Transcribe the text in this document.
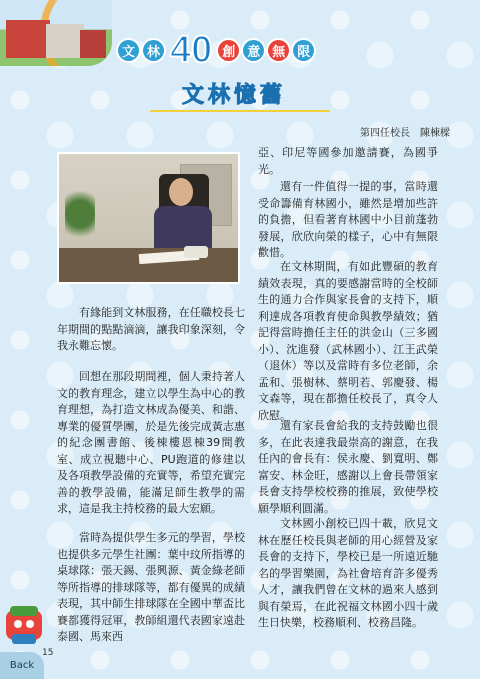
文 林 40 創 意 無 限
文林憶舊
第四任校長　陳棟樑
有緣能到文林服務，在任職校長七年期間的點點滴滴，讓我印象深刻，令我永難忘懷。
回想在那段期間裡，個人秉持著人文的教育理念，建立以學生為中心的教育理想，為打造文林成為優美、和諧、專業的優質學團，於是先後完成黃志惠的紀念團書館、後棟樓恩棟39間教室、成立視聽中心、PU跑道的修建以及各項教學設備的充實等，希望充實完善的教學設備，能滿足師生教學的需求，這是我主持校務的最大宏願。
當時為提供學生多元的學習，學校也提供多元學生社團：葉中玟所指導的桌球隊：張天錫、張興源、黃金綠老師等所指導的排球隊等，都有優異的成績表現，其中師生排球隊在全國中華盃比賽都獲得冠軍，教師組還代表國家遠赴泰國、馬來西
亞、印尼等國參加邀請賽，為國爭光。
還有一件值得一提的事，當時還受命籌備育林國小，雖然是增加些許的負擔，但看著育林國中小目前蓬勃發展，欣欣向榮的樣子，心中有無限歡惜。
在文林期間，有如此豐碩的教育績效表現，真的要感謝當時的全校師生的通力合作與家長會的支持下，順利達成各項教育使命與教學績效；猶記得當時擔任主任的洪金山（三多國小）、沈進發（武林國小）、江王武榮（退休）等以及當時有多位老師，余孟和、張樹林、蔡明若、郭慶發、楊文森等，現在都擔任校長了，真令人欣慰。
還有家長會給我的支持鼓勵也很多，在此表達我最崇高的謝意，在我任內的會長有：侯永慶、劉寬明、鄭富安、林金旺，感謝以上會長帶領家長會支持學校校務的推展，致使學校願學順利圓滿。
文林國小創校已四十載，欣見文林在歷任校長與老師的用心經營及家長會的支持下，學校已是一所遠近馳名的學習樂園，為社會培育許多優秀人才，讓我們曾在文林的過來人感到與有榮焉，在此祝福文林國小四十歲生日快樂，校務順利、校務昌隆。
15
Back
